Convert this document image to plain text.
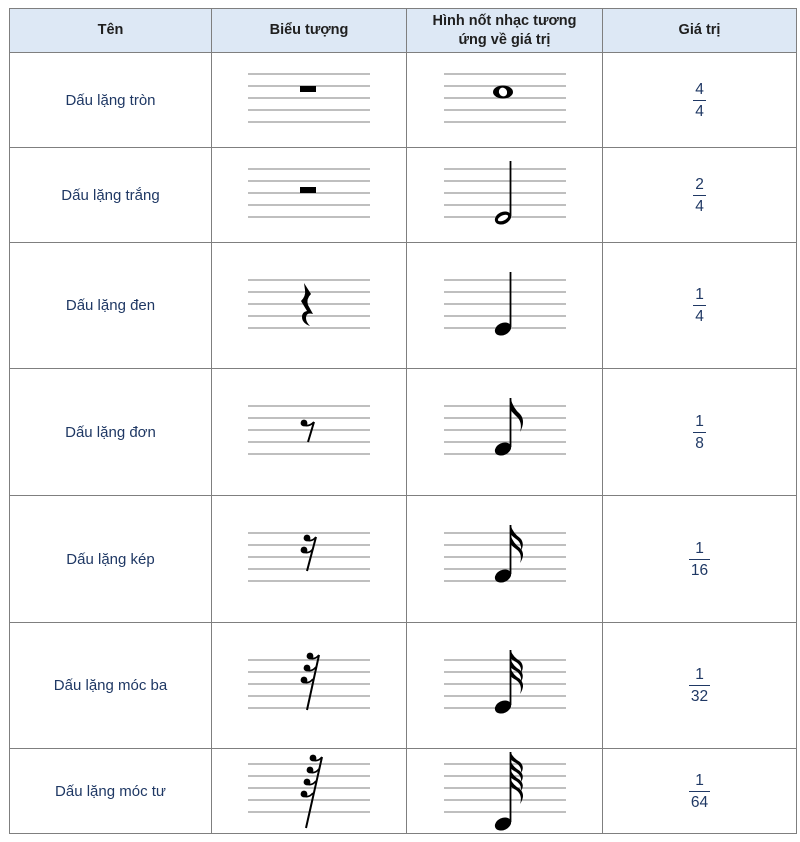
Tên	Biểu tượng	Hình nốt nhạc tương ứng về giá trị	Giá trị
Dấu lặng tròn			$\frac{4}{4}$

Dấu lặng trắng			$\frac{2}{4}$

Dấu lặng đen			$\frac{1}{4}$

Dấu lặng đơn			$\frac{1}{8}$

Dấu lặng kép			$\frac{1}{16}$

Dấu lặng móc ba			$\frac{1}{32}$

Dấu lặng móc tư			$\frac{1}{64}$
